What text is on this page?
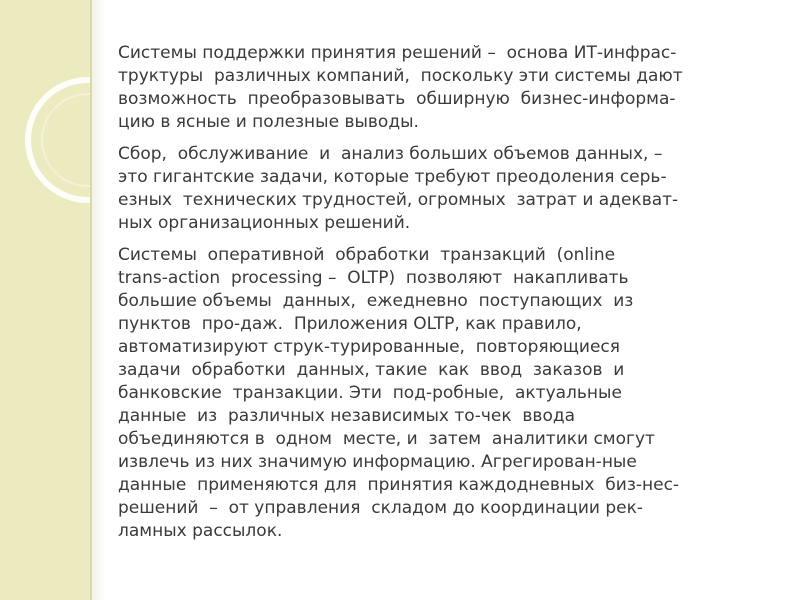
Системы поддержки принятия решений –  основа ИТ-инфрас-
труктуры  различных компаний,  поскольку эти системы дают
возможность  преобразовывать  обширную  бизнес-информа-
цию в ясные и полезные выводы.

Сбор,  обслуживание  и  анализ больших объемов данных, –
это гигантские задачи, которые требуют преодоления серь-
езных  технических трудностей, огромных  затрат и адекват-
ных организационных решений.

Системы  оперативной  обработки  транзакций  (online
trans-action  processing –  OLTP)  позволяют  накапливать
большие объемы  данных,  ежедневно  поступающих  из
пунктов  про-даж.  Приложения OLTP, как правило,
автоматизируют струк-турированные,  повторяющиеся
задачи  обработки  данных, такие  как  ввод  заказов  и
банковские  транзакции. Эти  под-робные,  актуальные
данные  из  различных независимых то-чек  ввода
объединяются в  одном  месте, и  затем  аналитики смогут
извлечь из них значимую информацию. Агрегирован-ные
данные  применяются для  принятия каждодневных  биз-нес-
решений  –  от управления  складом до координации рек-
ламных рассылок.
